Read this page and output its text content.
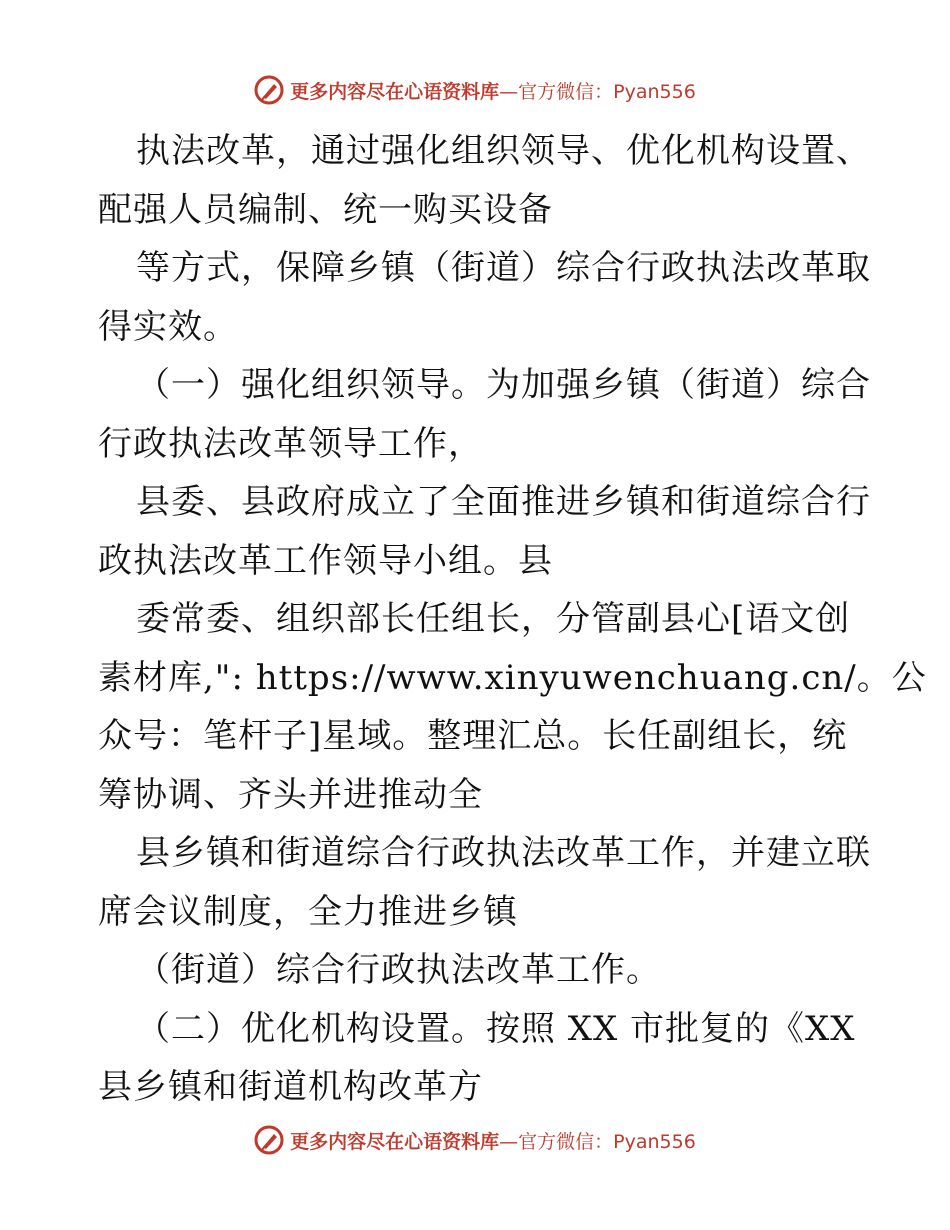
更多内容尽在心语资料库—官方微信：Pyan556
执法改革，通过强化组织领导、优化机构设置、
配强人员编制、统一购买设备
等方式，保障乡镇（街道）综合行政执法改革取
得实效。
（一）强化组织领导。为加强乡镇（街道）综合
行政执法改革领导工作，
县委、县政府成立了全面推进乡镇和街道综合行
政执法改革工作领导小组。县
委常委、组织部长任组长，分管副县心[语文创
素材库,": https://www.xinyuwenchuang.cn/。公
众号：笔杆子]星域。整理汇总。长任副组长，统
筹协调、齐头并进推动全
县乡镇和街道综合行政执法改革工作，并建立联
席会议制度，全力推进乡镇
（街道）综合行政执法改革工作。
（二）优化机构设置。按照 XX 市批复的《XX
县乡镇和街道机构改革方
更多内容尽在心语资料库—官方微信：Pyan556
